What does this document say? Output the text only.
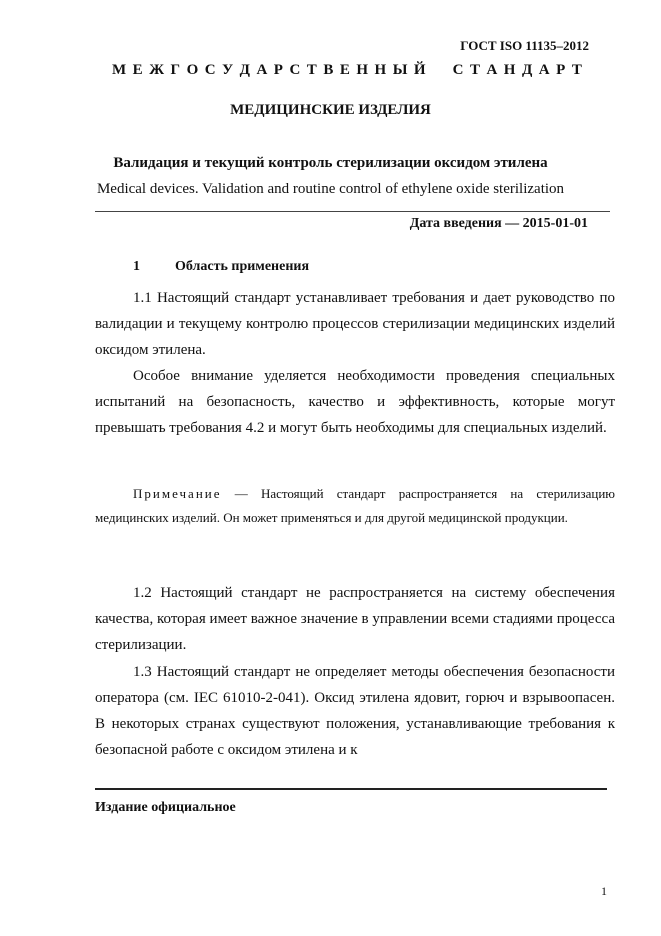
ГОСТ ISO 11135–2012
М Е Ж Г О С У Д А Р С Т В Е Н Н Ы Й С Т А Н Д А Р Т
МЕДИЦИНСКИЕ ИЗДЕЛИЯ
Валидация и текущий контроль стерилизации оксидом этилена
Medical devices. Validation and routine control of ethylene oxide sterilization
Дата введения — 2015-01-01
1	Область применения
1.1 Настоящий стандарт устанавливает требования и дает руководство по валидации и текущему контролю процессов стерилизации медицинских изделий оксидом этилена.
Особое внимание уделяется необходимости проведения специальных испытаний на безопасность, качество и эффективность, которые могут превышать требования 4.2 и могут быть необходимы для специальных изделий.
Примечание — Настоящий стандарт распространяется на стерилизацию медицинских изделий. Он может применяться и для другой медицинской продукции.
1.2 Настоящий стандарт не распространяется на систему обеспечения качества, которая имеет важное значение в управлении всеми стадиями процесса стерилизации.
1.3 Настоящий стандарт не определяет методы обеспечения безопасности оператора (см. IEC 61010-2-041). Оксид этилена ядовит, горюч и взрывоопасен. В некоторых странах существуют положения, устанавливающие требования к безопасной работе с оксидом этилена и к
Издание официальное
1
